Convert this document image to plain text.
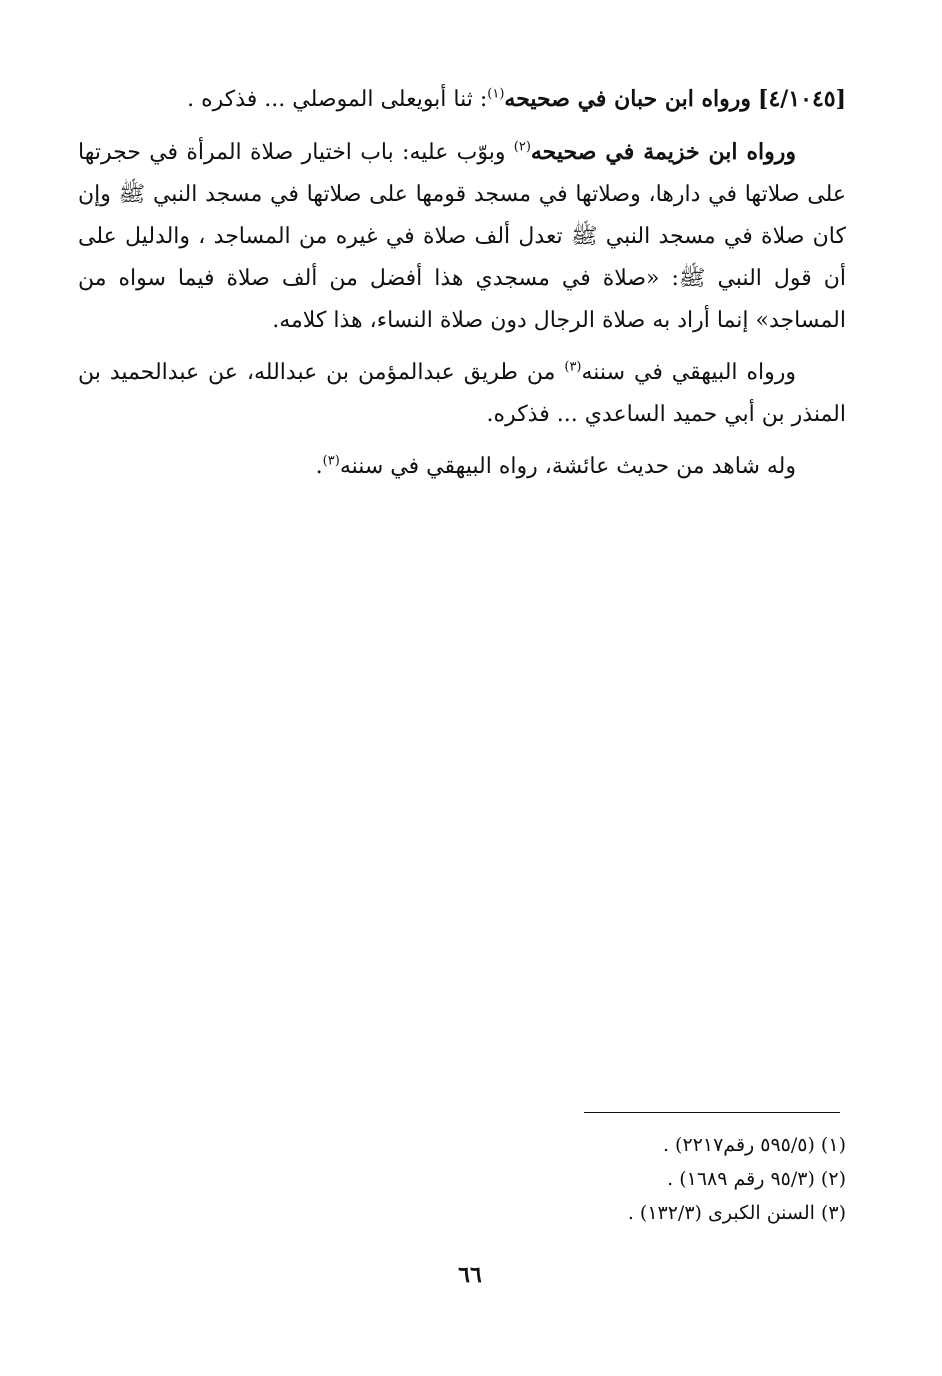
[٤/١٠٤٥] ورواه ابن حبان في صحيحه$^{(١)}$: ثنا أبويعلى الموصلي ... فذكره .

ورواه ابن خزيمة في صحيحه$^{(٢)}$ وبوّب عليه: باب اختيار صلاة المرأة في حجرتها على صلاتها في دارها، وصلاتها في مسجد قومها على صلاتها في مسجد النبي ﷺ وإن كان صلاة في مسجد النبي ﷺ تعدل ألف صلاة في غيره من المساجد ، والدليل على أن قول النبي ﷺ: «صلاة في مسجدي هذا أفضل من ألف صلاة فيما سواه من المساجد» إنما أراد به صلاة الرجال دون صلاة النساء، هذا كلامه.

ورواه البيهقي في سننه$^{(٣)}$ من طريق عبدالمؤمن بن عبدالله، عن عبدالحميد بن المنذر بن أبي حميد الساعدي ... فذكره.

وله شاهد من حديث عائشة، رواه البيهقي في سننه$^{(٣)}$.

(١) (٥٩٥/٥ رقم٢٢١٧) .
(٢) (٩٥/٣ رقم ١٦٨٩) .
(٣) السنن الكبرى (١٣٢/٣) .
٦٦
